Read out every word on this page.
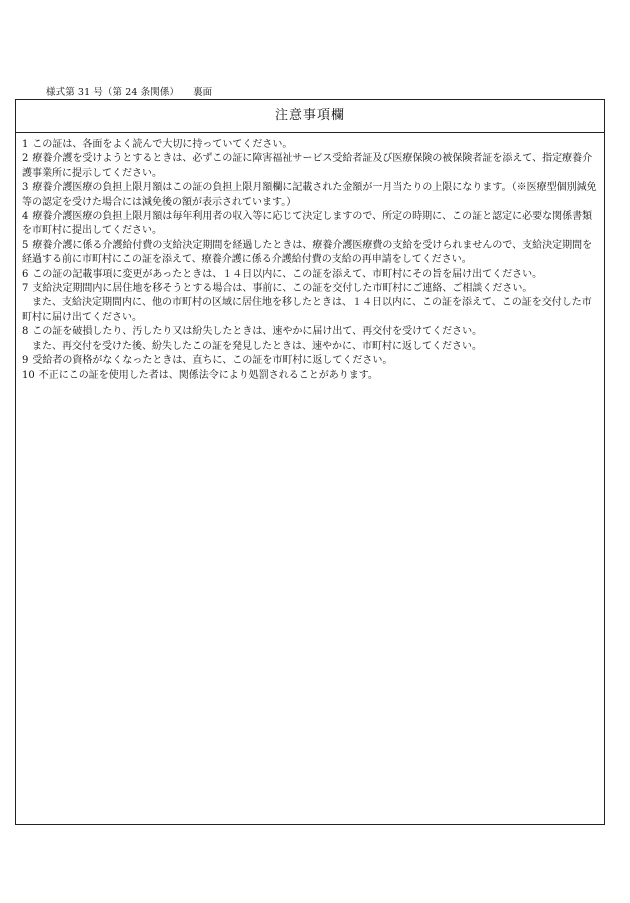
様式第 31 号（第 24 条関係） 裏面
注意事項欄
1 この証は、各面をよく読んで大切に持っていてください。
2 療養介護を受けようとするときは、必ずこの証に障害福祉サービス受給者証及び医療保険の被保険者証を添えて、指定療養介護事業所に提示してください。
3 療養介護医療の負担上限月額はこの証の負担上限月額欄に記載された金額が一月当たりの上限になります。（※医療型個別減免等の認定を受けた場合には減免後の額が表示されています。）
4 療養介護医療の負担上限月額は毎年利用者の収入等に応じて決定しますので、所定の時期に、この証と認定に必要な関係書類を市町村に提出してください。
5 療養介護に係る介護給付費の支給決定期間を経過したときは、療養介護医療費の支給を受けられませんので、支給決定期間を経過する前に市町村にこの証を添えて、療養介護に係る介護給付費の支給の再申請をしてください。
6 この証の記載事項に変更があったときは、１４日以内に、この証を添えて、市町村にその旨を届け出てください。
7 支給決定期間内に居住地を移そうとする場合は、事前に、この証を交付した市町村にご連絡、ご相談ください。
また、支給決定期間内に、他の市町村の区域に居住地を移したときは、１４日以内に、この証を添えて、この証を交付した市町村に届け出てください。
8 この証を破損したり、汚したり又は紛失したときは、速やかに届け出て、再交付を受けてください。
また、再交付を受けた後、紛失したこの証を発見したときは、速やかに、市町村に返してください。
9 受給者の資格がなくなったときは、直ちに、この証を市町村に返してください。
10 不正にこの証を使用した者は、関係法令により処罰されることがあります。
